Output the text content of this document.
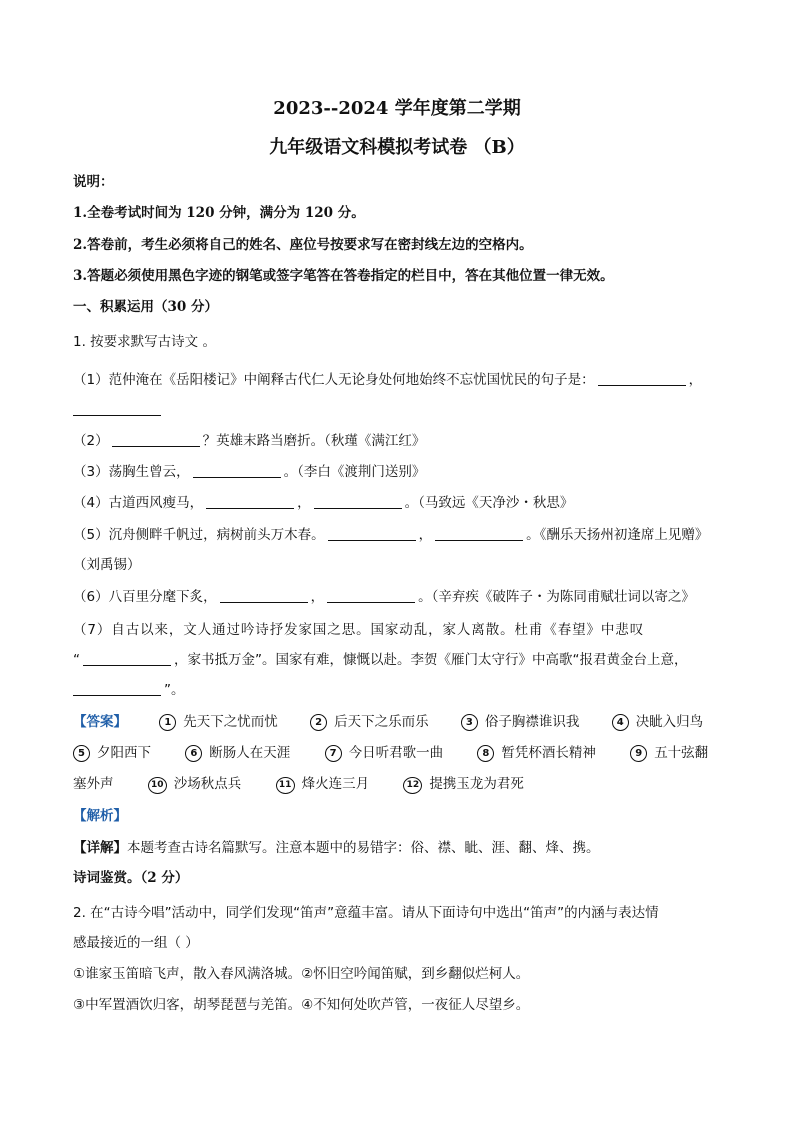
2023--2024 学年度第二学期
九年级语文科模拟考试卷 （B）
说明：
1.全卷考试时间为 120 分钟，满分为 120 分。
2.答卷前，考生必须将自己的姓名、座位号按要求写在密封线左边的空格内。
3.答题必须使用黑色字迹的钢笔或签字笔答在答卷指定的栏目中，答在其他位置一律无效。
一、积累运用（30 分）
1. 按要求默写古诗文 。
（1）范仲淹在《岳阳楼记》中阐释古代仁人无论身处何地始终不忘忧国忧民的句子是：	，
（2）	？英雄末路当磨折。（秋瑾《满江红》
（3）荡胸生曾云，	。（李白《渡荆门送别》
（4）古道西风瘦马，	，	。（马致远《天净沙・秋思》
（5）沉舟侧畔千帆过，病树前头万木春。	，	。《酬乐天扬州初逢席上见赠》
（刘禹锡）
（6）八百里分麾下炙，	，	。（辛弃疾《破阵子・为陈同甫赋壮词以寄之》
（7）自古以来，文人通过吟诗抒发家国之思。国家动乱，家人离散。杜甫《春望》中悲叹
“	，家书抵万金”。国家有难，慷慨以赴。李贺《雁门太守行》中高歌“报君黄金台上意，
”。
【答案】	1 先天下之忧而忧	2 后天下之乐而乐	3 俗子胸襟谁识我	4 决眦入归鸟
5 夕阳西下	6 断肠人在天涯	7 今日听君歌一曲	8 暂凭杯酒长精神	9 五十弦翻
塞外声	10 沙场秋点兵	11 烽火连三月	12 提携玉龙为君死
【解析】
【详解】本题考查古诗名篇默写。注意本题中的易错字：俗、襟、眦、涯、翻、烽、携。
诗词鉴赏。（2 分）
2. 在“古诗今唱”活动中，同学们发现“笛声”意蕴丰富。请从下面诗句中选出“笛声”的内涵与表达情
感最接近的一组（ ）
①谁家玉笛暗飞声，散入春风满洛城。②怀旧空吟闻笛赋，到乡翻似烂柯人。
③中军置酒饮归客，胡琴琵琶与羌笛。④不知何处吹芦管，一夜征人尽望乡。
